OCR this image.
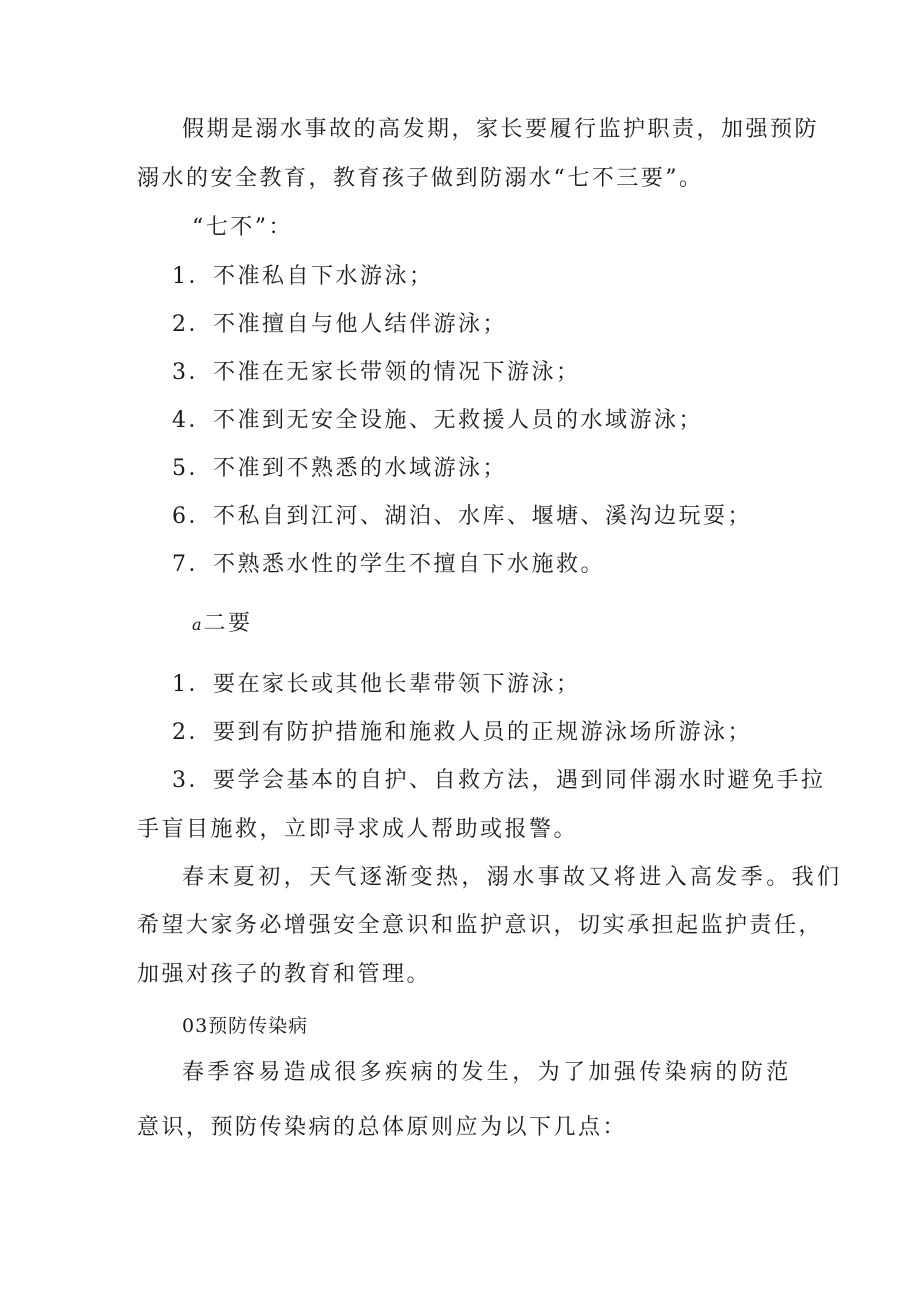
假期是溺水事故的高发期，家长要履行监护职责，加强预防

溺水的安全教育，教育孩子做到防溺水“七不三要”。

“七不”：

1．不准私自下水游泳；

2．不准擅自与他人结伴游泳；

3．不准在无家长带领的情况下游泳；

4．不准到无安全设施、无救援人员的水域游泳；

5．不准到不熟悉的水域游泳；

6．不私自到江河、湖泊、水库、堰塘、溪沟边玩耍；

7．不熟悉水性的学生不擅自下水施救。

a二要

1．要在家长或其他长辈带领下游泳；

2．要到有防护措施和施救人员的正规游泳场所游泳；

3．要学会基本的自护、自救方法，遇到同伴溺水时避免手拉

手盲目施救，立即寻求成人帮助或报警。

春末夏初，天气逐渐变热，溺水事故又将进入高发季。我们

希望大家务必增强安全意识和监护意识，切实承担起监护责任，

加强对孩子的教育和管理。

03预防传染病

春季容易造成很多疾病的发生，为了加强传染病的防范

意识，预防传染病的总体原则应为以下几点：
